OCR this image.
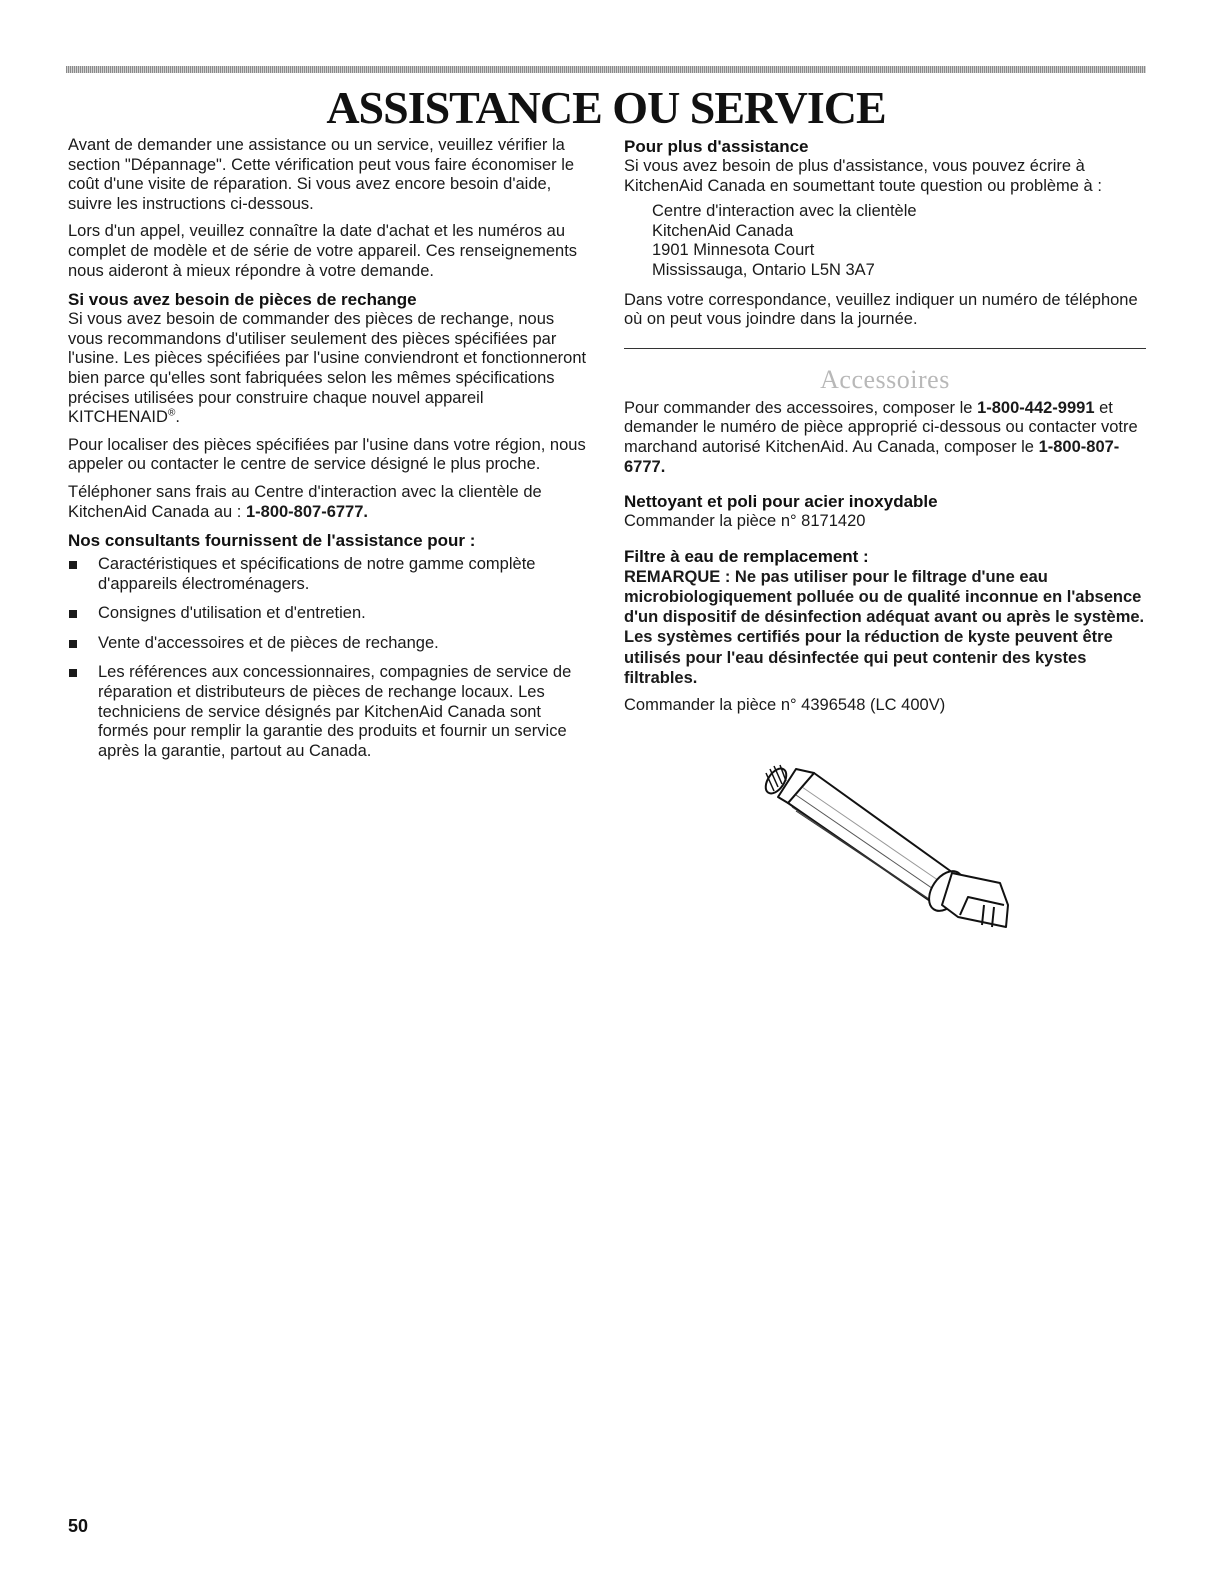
ASSISTANCE OU SERVICE

Avant de demander une assistance ou un service, veuillez vérifier la section "Dépannage". Cette vérification peut vous faire économiser le coût d'une visite de réparation. Si vous avez encore besoin d'aide, suivre les instructions ci-dessous.

Lors d'un appel, veuillez connaître la date d'achat et les numéros au complet de modèle et de série de votre appareil. Ces renseignements nous aideront à mieux répondre à votre demande.

Si vous avez besoin de pièces de rechange

Si vous avez besoin de commander des pièces de rechange, nous vous recommandons d'utiliser seulement des pièces spécifiées par l'usine. Les pièces spécifiées par l'usine conviendront et fonctionneront bien parce qu'elles sont fabriquées selon les mêmes spécifications précises utilisées pour construire chaque nouvel appareil KITCHENAID®.

Pour localiser des pièces spécifiées par l'usine dans votre région, nous appeler ou contacter le centre de service désigné le plus proche.

Téléphoner sans frais au Centre d'interaction avec la clientèle de KitchenAid Canada au : 1-800-807-6777.

Nos consultants fournissent de l'assistance pour :
Caractéristiques et spécifications de notre gamme complète d'appareils électroménagers.
Consignes d'utilisation et d'entretien.
Vente d'accessoires et de pièces de rechange.
Les références aux concessionnaires, compagnies de service de réparation et distributeurs de pièces de rechange locaux. Les techniciens de service désignés par KitchenAid Canada sont formés pour remplir la garantie des produits et fournir un service après la garantie, partout au Canada.
Pour plus d'assistance

Si vous avez besoin de plus d'assistance, vous pouvez écrire à KitchenAid Canada en soumettant toute question ou problème à :

Centre d'interaction avec la clientèle

KitchenAid Canada

1901 Minnesota Court

Mississauga, Ontario L5N 3A7

Dans votre correspondance, veuillez indiquer un numéro de téléphone où on peut vous joindre dans la journée.

Accessoires

Pour commander des accessoires, composer le 1-800-442-9991 et demander le numéro de pièce approprié ci-dessous ou contacter votre marchand autorisé KitchenAid. Au Canada, composer le 1-800-807-6777.

Nettoyant et poli pour acier inoxydable

Commander la pièce n° 8171420

Filtre à eau de remplacement :

REMARQUE : Ne pas utiliser pour le filtrage d'une eau microbiologiquement polluée ou de qualité inconnue en l'absence d'un dispositif de désinfection adéquat avant ou après le système. Les systèmes certifiés pour la réduction de kyste peuvent être utilisés pour l'eau désinfectée qui peut contenir des kystes filtrables.

Commander la pièce n° 4396548 (LC 400V)

50
